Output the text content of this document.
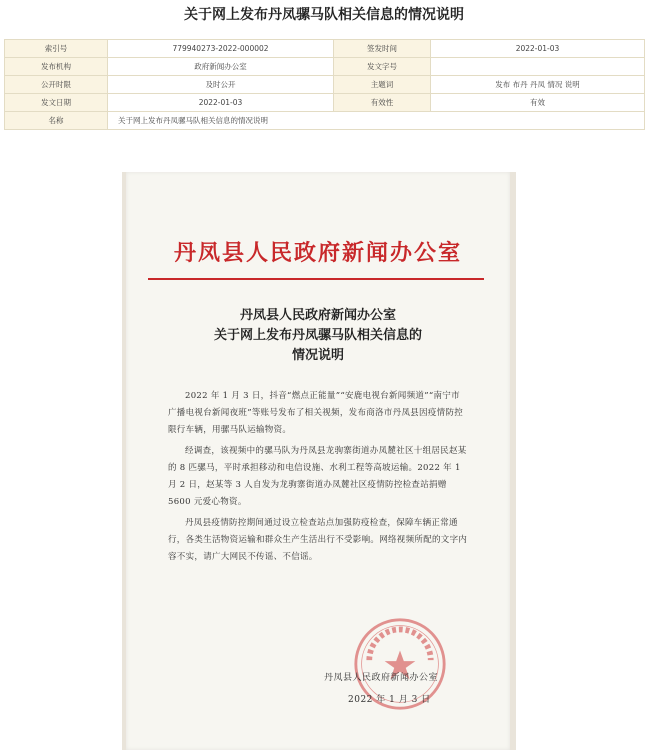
关于网上发布丹凤骡马队相关信息的情况说明
索引号	779940273-2022-000002	签发时间	2022-01-03
发布机构	政府新闻办公室	发文字号	
公开时限	及时公开	主题词	发布 布丹 丹凤 情况 说明
发文日期	2022-01-03	有效性	有效
名称	关于网上发布丹凤骡马队相关信息的情况说明		
丹凤县人民政府新闻办公室
丹凤县人民政府新闻办公室
关于网上发布丹凤骡马队相关信息的
情况说明

2022 年 1 月 3 日，抖音“燃点正能量”“安鹿电视台新闻频道”“南宁市广播电视台新闻夜班”等账号发布了相关视频，发布商洛市丹凤县因疫情防控限行车辆，用骡马队运输物资。

经调查，该视频中的骡马队为丹凤县龙驹寨街道办凤麓社区十组居民赵某的 8 匹骡马，平时承担移动和电信设施、水利工程等高坡运输。2022 年 1 月 2 日，赵某等 3 人自发为龙驹寨街道办凤麓社区疫情防控检查站捐赠 5600 元爱心物资。

丹凤县疫情防控期间通过设立检查站点加强防疫检查，保障车辆正常通行，各类生活物资运输和群众生产生活出行不受影响。网络视频所配的文字内容不实，请广大网民不传谣、不信谣。

丹凤县人民政府新闻办公室
2022 年 1 月 3 日
